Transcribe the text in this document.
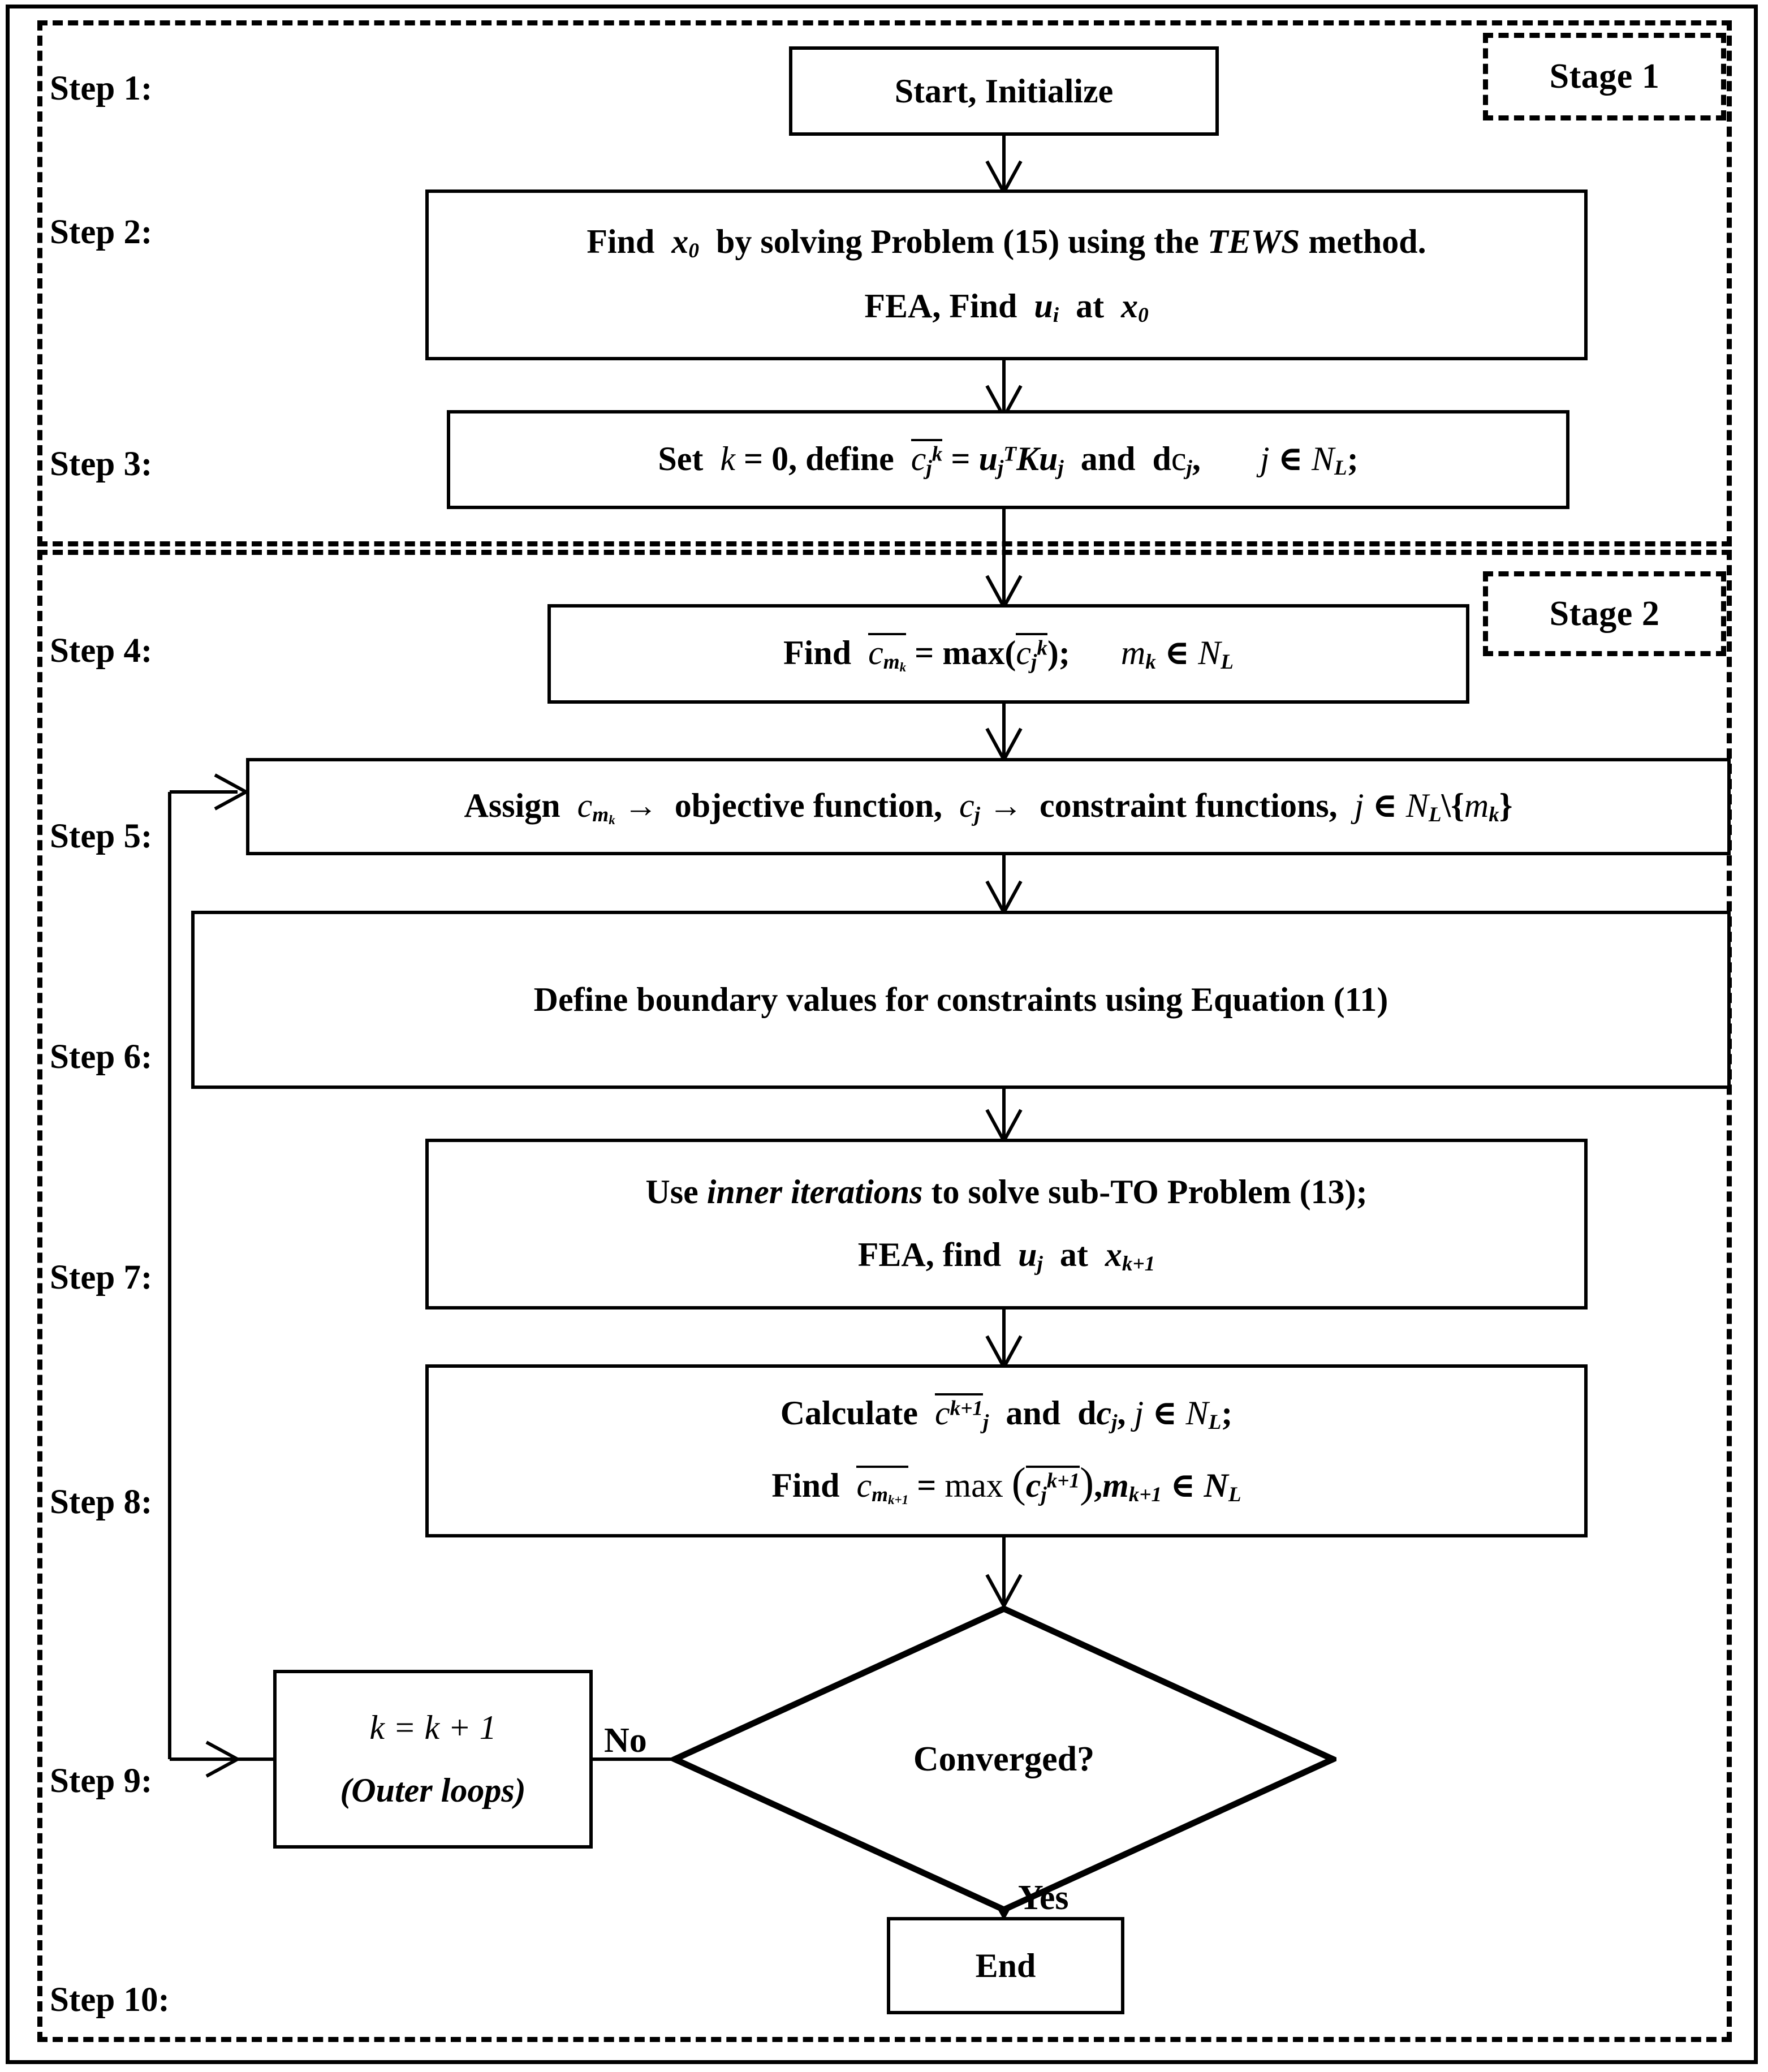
Stage 1
Stage 2
Step 1:
Step 2:
Step 3:
Step 4:
Step 5:
Step 6:
Step 7:
Step 8:
Step 9:
Step 10:
Start, Initialize
Find  $x_0$  by solving Problem (15) using the TEWS method.
FEA, Find  $u_i$  at  $x_0$
Set  k = 0, define  $c_j^k = u_j^TKu_j$  and  $dc_j$,       j ∈ $N_L$;
Find  $c_{m_k} = \max(c_j^k)$;      $m_k$ ∈ $N_L$
Assign  $c_{m_k}$ →  objective function,  $c_j$ →  constraint functions,  j ∈ $N_L\backslash\{m_k\}$
Define boundary values for constraints using Equation (11)
Use inner iterations to solve sub-TO Problem (13);
FEA, find  $u_j$  at  $x_{k+1}$
Calculate  $c^{k+1}_j$  and  $dc_j$, j ∈ $N_L$;
Find  $c_{m_{k+1}} = \max (c_j^{k+1}),m_{k+1}$ ∈ $N_L$
k = k + 1
(Outer loops)
Converged?
End
No
Yes
